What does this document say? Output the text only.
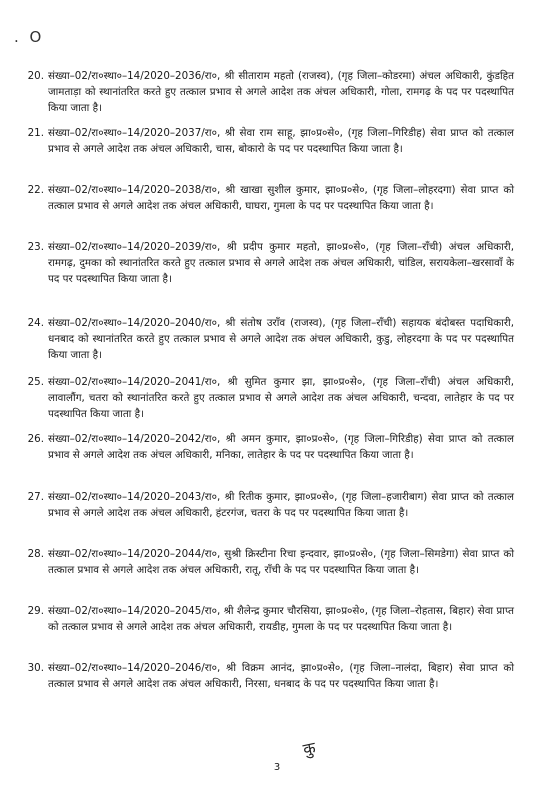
. O
20. संख्या–02/रा०स्था०–14/2020–2036/रा०, श्री सीताराम महतो (राजस्व), (गृह जिला–कोडरमा) अंचल अधिकारी, कुंडहित जामताड़ा को स्थानांतरित करते हुए तत्काल प्रभाव से अगले आदेश तक अंचल अधिकारी, गोला, रामगढ़ के पद पर पदस्थापित किया जाता है।
21. संख्या–02/रा०स्था०–14/2020–2037/रा०, श्री सेवा राम साहू, झा०प्र०से०, (गृह जिला–गिरिडीह) सेवा प्राप्त को तत्काल प्रभाव से अगले आदेश तक अंचल अधिकारी, चास, बोकारो के पद पर पदस्थापित किया जाता है।
22. संख्या–02/रा०स्था०–14/2020–2038/रा०, श्री खाखा सुशील कुमार, झा०प्र०से०, (गृह जिला–लोहरदगा) सेवा प्राप्त को तत्काल प्रभाव से अगले आदेश तक अंचल अधिकारी, घाघरा, गुमला के पद पर पदस्थापित किया जाता है।
23. संख्या–02/रा०स्था०–14/2020–2039/रा०, श्री प्रदीप कुमार महतो, झा०प्र०से०, (गृह जिला–राँची) अंचल अधिकारी, रामगढ़, दुमका को स्थानांतरित करते हुए तत्काल प्रभाव से अगले आदेश तक अंचल अधिकारी, चांडिल, सरायकेला–खरसावाँ के पद पर पदस्थापित किया जाता है।
24. संख्या–02/रा०स्था०–14/2020–2040/रा०, श्री संतोष उराँव (राजस्व), (गृह जिला–राँची) सहायक बंदोबस्त पदाधिकारी, धनबाद को स्थानांतरित करते हुए तत्काल प्रभाव से अगले आदेश तक अंचल अधिकारी, कुडु, लोहरदगा के पद पर पदस्थापित किया जाता है।
25. संख्या–02/रा०स्था०–14/2020–2041/रा०, श्री सुमित कुमार झा, झा०प्र०से०, (गृह जिला–राँची) अंचल अधिकारी, लावालौंग, चतरा को स्थानांतरित करते हुए तत्काल प्रभाव से अगले आदेश तक अंचल अधिकारी, चन्दवा, लातेहार के पद पर पदस्थापित किया जाता है।
26. संख्या–02/रा०स्था०–14/2020–2042/रा०, श्री अमन कुमार, झा०प्र०से०, (गृह जिला–गिरिडीह) सेवा प्राप्त को तत्काल प्रभाव से अगले आदेश तक अंचल अधिकारी, मनिका, लातेहार के पद पर पदस्थापित किया जाता है।
27. संख्या–02/रा०स्था०–14/2020–2043/रा०, श्री रितीक कुमार, झा०प्र०से०, (गृह जिला–हजारीबाग) सेवा प्राप्त को तत्काल प्रभाव से अगले आदेश तक अंचल अधिकारी, हंटरगंज, चतरा के पद पर पदस्थापित किया जाता है।
28. संख्या–02/रा०स्था०–14/2020–2044/रा०, सुश्री क्रिस्टीना रिचा इन्दवार, झा०प्र०से०, (गृह जिला–सिमडेगा) सेवा प्राप्त को तत्काल प्रभाव से अगले आदेश तक अंचल अधिकारी, रातू, राँची के पद पर पदस्थापित किया जाता है।
29. संख्या–02/रा०स्था०–14/2020–2045/रा०, श्री शैलेन्द्र कुमार चौरसिया, झा०प्र०से०, (गृह जिला–रोहतास, बिहार) सेवा प्राप्त को तत्काल प्रभाव से अगले आदेश तक अंचल अधिकारी, रायडीह, गुमला के पद पर पदस्थापित किया जाता है।
30. संख्या–02/रा०स्था०–14/2020–2046/रा०, श्री विक्रम आनंद, झा०प्र०से०, (गृह जिला–नालंदा, बिहार) सेवा प्राप्त को तत्काल प्रभाव से अगले आदेश तक अंचल अधिकारी, निरसा, धनबाद के पद पर पदस्थापित किया जाता है।
कु
3
